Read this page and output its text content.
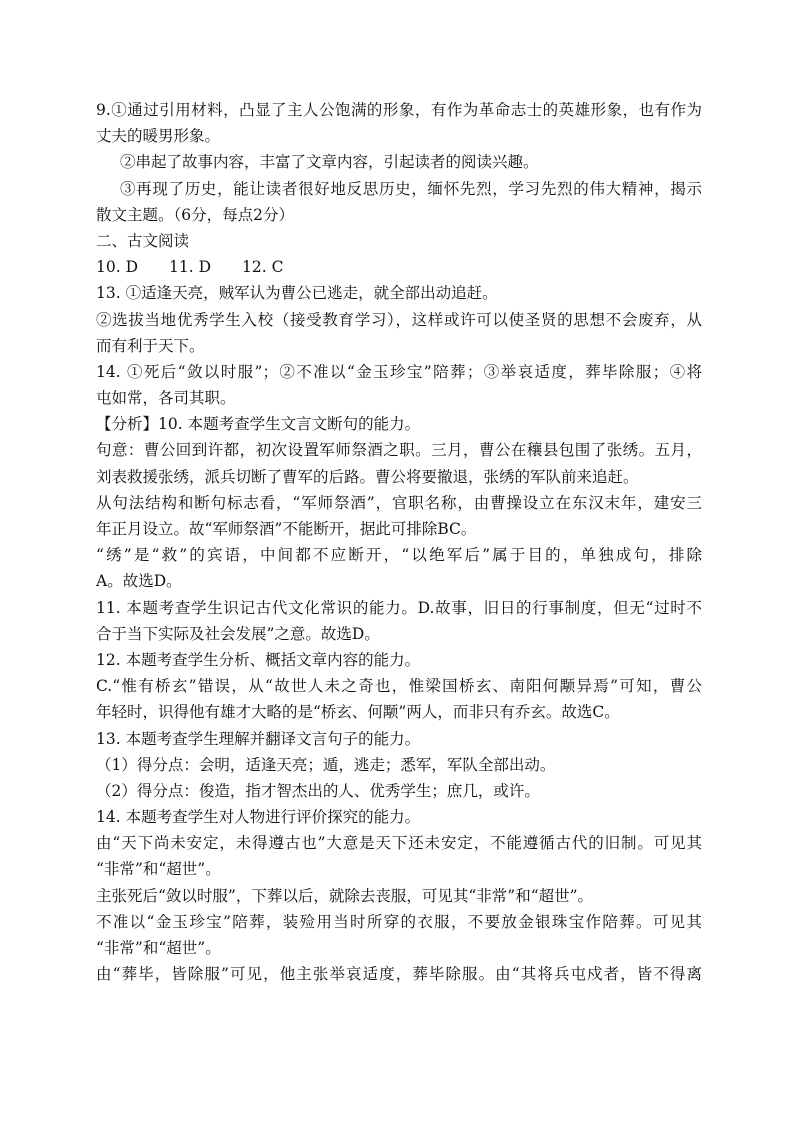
9.①通过引用材料，凸显了主人公饱满的形象，有作为革命志士的英雄形象，也有作为
丈夫的暖男形象。
②串起了故事内容，丰富了文章内容，引起读者的阅读兴趣。
③再现了历史，能让读者很好地反思历史，缅怀先烈，学习先烈的伟大精神，揭示
散文主题。（6分，每点2分）
二、古文阅读
10. D　　11. D　　12. C
13. ①适逢天亮，贼军认为曹公已逃走，就全部出动追赶。
②选拔当地优秀学生入校（接受教育学习），这样或许可以使圣贤的思想不会废弃，从
而有利于天下。
14. ①死后“敛以时服”；②不准以“金玉珍宝”陪葬；③举哀适度，葬毕除服；④将
屯如常，各司其职。
【分析】10. 本题考查学生文言文断句的能力。
句意：曹公回到许都，初次设置军师祭酒之职。三月，曹公在穰县包围了张绣。五月，
刘表救援张绣，派兵切断了曹军的后路。曹公将要撤退，张绣的军队前来追赶。
从句法结构和断句标志看，“军师祭酒”，官职名称，由曹操设立在东汉末年，建安三
年正月设立。故“军师祭酒”不能断开，据此可排除BC。
“绣”是“救”的宾语，中间都不应断开，“以绝军后”属于目的，单独成句，排除
A。故选D。
11. 本题考查学生识记古代文化常识的能力。D.故事，旧日的行事制度，但无“过时不
合于当下实际及社会发展”之意。故选D。
12. 本题考查学生分析、概括文章内容的能力。
C.“惟有桥玄”错误，从“故世人未之奇也，惟梁国桥玄、南阳何颙异焉”可知，曹公
年轻时，识得他有雄才大略的是“桥玄、何颙”两人，而非只有乔玄。故选C。
13. 本题考查学生理解并翻译文言句子的能力。
（1）得分点：会明，适逢天亮；遁，逃走；悉军，军队全部出动。
（2）得分点：俊造，指才智杰出的人、优秀学生；庶几，或许。
14. 本题考查学生对人物进行评价探究的能力。
由“天下尚未安定，未得遵古也”大意是天下还未安定，不能遵循古代的旧制。可见其
“非常”和“超世”。
主张死后“敛以时服”，下葬以后，就除去丧服，可见其“非常”和“超世”。
不准以“金玉珍宝”陪葬，装殓用当时所穿的衣服，不要放金银珠宝作陪葬。可见其
“非常”和“超世”。
由“葬毕，皆除服”可见，他主张举哀适度，葬毕除服。由“其将兵屯戍者，皆不得离
